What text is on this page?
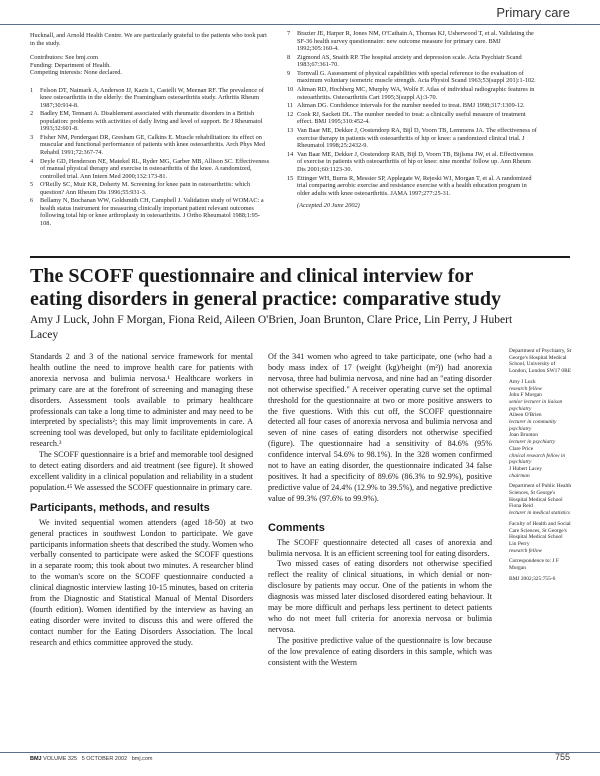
Primary care

Hucknall, and Arnold Health Centre. We are particularly grateful to the patients who took part in the study.

Contributors: See bmj.com
Funding: Department of Health.
Competing interests: None declared.
1 Felson DT, Naimark A, Anderson JJ, Kazis L, Castelli W, Meenan RF. The prevalence of knee osteoarthritis in the elderly: the Framingham osteoarthritis study. Arthritis Rheum 1987;30:914-8.
2 Badley EM, Tennant A. Disablement associated with rheumatic disorders in a British population: problems with activities of daily living and level of support. Br J Rheumatol 1993;32:601-8.
3 Fisher NM, Pendergast DR, Gresham GE, Calkins E. Muscle rehabilitation: its effect on muscular and functional performance of patients with knee osteoarthritis. Arch Phys Med Rehabil 1991;72:367-74.
4 Deyle GD, Henderson NE, Matekel RL, Ryder MG, Garber MB, Allison SC. Effectiveness of manual physical therapy and exercise in osteoarthritis of the knee. A randomized, controlled trial. Ann Intern Med 2000;132:173-81.
5 O'Reilly SC, Muir KR, Doherty M. Screening for knee pain in osteoarthritis: which question? Ann Rheum Dis 1996;55:931-3.
6 Bellamy N, Buchanan WW, Goldsmith CH, Campbell J. Validation study of WOMAC: a health status instrument for measuring clinically important patient relevant outcomes following total hip or knee arthroplasty in osteoarthritis. J Ortho Rheumatol 1988;1:95-108.
7 Brazier JE, Harper R, Jones NM, O'Cathain A, Thomas KJ, Usherwood T, et al. Validating the SF-36 health survey questionnaire: new outcome measure for primary care. BMJ 1992;305:160-4.
8 Zigmond AS, Snaith RP. The hospital anxiety and depression scale. Acta Psychiatr Scand 1983;67:361-70.
9 Tornvall G. Assessment of physical capabilities with special reference to the evaluation of maximum voluntary isometric muscle strength. Acta Physiol Scand 1963;53(suppl 201):1-102.
10 Altman RD, Hochberg MC, Murphy WA, Wolfe F. Atlas of individual radiographic features in osteoarthritis. Osteoarthritis Cart 1995;3(suppl A):3-70.
11 Altman DG. Confidence intervals for the number needed to treat. BMJ 1998;317:1309-12.
12 Cook RJ, Sackett DL. The number needed to treat: a clinically useful measure of treatment effect. BMJ 1995;310:452-4.
13 Van Baar ME, Dekker J, Oostendorp RA, Bijl D, Voorn TB, Lemmens JA. The effectiveness of exercise therapy in patients with osteoarthritis of hip or knee: a randomized clinical trial. J Rheumatol 1998;25:2432-9.
14 Van Baar ME, Dekker J, Oostendorp RAB, Bijl D, Voorn TB, Bijlsma JW, et al. Effectiveness of exercise in patients with osteoarthritis of hip or knee: nine months' follow up. Ann Rheum Dis 2001;60:1123-30.
15 Ettinger WH, Burns R, Messier SP, Applegate W, Rejeski WJ, Morgan T, et al. A randomized trial comparing aerobic exercise and resistance exercise with a health education program in older adults with knee osteoarthritis. JAMA 1997;277:25-31.
(Accepted 20 June 2002)
The SCOFF questionnaire and clinical interview for eating disorders in general practice: comparative study
Amy J Luck, John F Morgan, Fiona Reid, Aileen O'Brien, Joan Brunton, Clare Price, Lin Perry, J Hubert Lacey

Standards 2 and 3 of the national service framework for mental health outline the need to improve health care for patients with anorexia nervosa and bulimia nervosa.¹ Healthcare workers in primary care are at the forefront of screening and managing these disorders. Assessment tools available to primary healthcare professionals can take a long time to administer and may need to be interpreted by specialists²; this may limit improvements in care. A screening tool was developed, but only to facilitate epidemiological research.³

The SCOFF questionnaire is a brief and memorable tool designed to detect eating disorders and aid treatment (see figure). It showed excellent validity in a clinical population and reliability in a student population.⁴⁵ We assessed the SCOFF questionnaire in primary care.

Participants, methods, and results

We invited sequential women attenders (aged 18-50) at two general practices in southwest London to participate. We gave participants information sheets that described the study. Women who verbally consented to participate were asked the SCOFF questions in a separate room; this took about two minutes. A researcher blind to the woman's score on the SCOFF questionnaire conducted a clinical diagnostic interview lasting 10-15 minutes, based on criteria from the Diagnostic and Statistical Manual of Mental Disorders (fourth edition). Women identified by the interview as having an eating disorder were invited to discuss this and were offered the contact number for the Eating Disorders Association. The local research and ethics committee approved the study.

Of the 341 women who agreed to take participate, one (who had a body mass index of 17 (weight (kg)/height (m²)) had anorexia nervosa, three had bulimia nervosa, and nine had an "eating disorder not otherwise specified." A receiver operating curve set the optimal threshold for the questionnaire at two or more positive answers to the five questions. With this cut off, the SCOFF questionnaire detected all four cases of anorexia nervosa and bulimia nervosa and seven of nine cases of eating disorders not otherwise specified (figure). The questionnaire had a sensitivity of 84.6% (95% confidence interval 54.6% to 98.1%). In the 328 women confirmed not to have an eating disorder, the questionnaire indicated 34 false positives. It had a specificity of 89.6% (86.3% to 92.9%), positive predictive value of 24.4% (12.9% to 39.5%), and negative predictive value of 99.3% (97.6% to 99.9%).

Comments

The SCOFF questionnaire detected all cases of anorexia and bulimia nervosa. It is an efficient screening tool for eating disorders.

Two missed cases of eating disorders not otherwise specified reflect the reality of clinical situations, in which denial or non-disclosure by patients may occur. One of the patients in whom the diagnosis was missed later disclosed disordered eating behaviour. It may be more difficult and perhaps less pertinent to detect patients who do not meet full criteria for anorexia nervosa or bulimia nervosa.

The positive predictive value of the questionnaire is low because of the low prevalence of eating disorders in this sample, which was consistent with the Western

Department of Psychiatry, St George's Hospital Medical School, University of London, London SW17 0RE

Amy J Luck
research fellow
John F Morgan
senior lecturer in liaison psychiatry
Aileen O'Brien
lecturer in community psychiatry
Joan Brunton
lecturer in psychiatry
Clare Price
clinical research fellow in psychiatry
J Hubert Lacey
chairman

Department of Public Health Sciences, St George's Hospital Medical School
Fiona Reid
lecturer in medical statistics

Faculty of Health and Social Care Sciences, St George's Hospital Medical School
Lin Perry
research fellow

Correspondence to: J F Morgan

BMJ 2002;325:755-6

BMJ VOLUME 325 5 OCTOBER 2002 bmj.com	755
